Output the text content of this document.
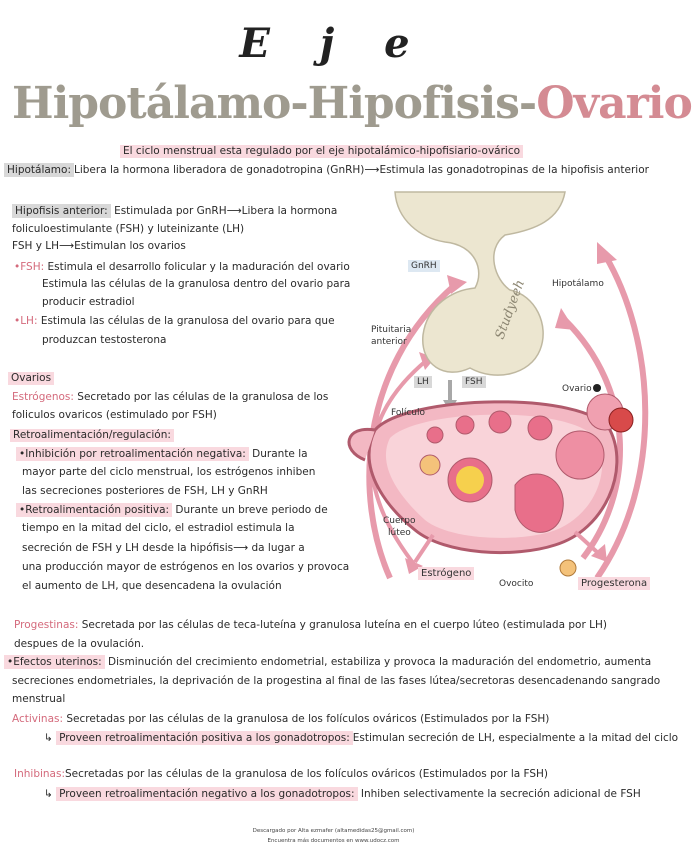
E j e
Hipotálamo-Hipofisis-Ovario
El ciclo menstrual esta regulado por el eje hipotalámico-hipofisiario-ovárico
Hipotálamo: Libera la hormona liberadora de gonadotropina (GnRH)⟶Estimula las gonadotropinas de la hipofisis anterior
Hipofisis anterior: Estimulada por GnRH⟶Libera la hormona
foliculoestimulante (FSH) y luteinizante (LH)
FSH y LH⟶Estimulan los ovarios
•FSH: Estimula el desarrollo folicular y la maduración del ovario
Estimula las células de la granulosa dentro del ovario para
producir estradiol
•LH: Estimula las células de la granulosa del ovario para que
produzcan testosterona
Ovarios
Estrógenos: Secretado por las células de la granulosa de los
foliculos ovaricos (estimulado por FSH)
Retroalimentación/regulación:
•Inhibición por retroalimentación negativa: Durante la
mayor parte del ciclo menstrual, los estrógenos inhiben
las secreciones posteriores de FSH, LH y GnRH
•Retroalimentación positiva: Durante un breve periodo de
tiempo en la mitad del ciclo, el estradiol estimula la
secreción de FSH y LH desde la hipófisis⟶ da lugar a
una producción mayor de estrógenos en los ovarios y provoca
el aumento de LH, que desencadena la ovulación
Studyeeh
GnRH
Hipotálamo
Pituitaria
anterior
LH	FSH
Ovario
Folículo
Cuerpo
lúteo
Estrógeno
Ovocito	Progesterona
Progestinas: Secretada por las células de teca-luteína y granulosa luteína en el cuerpo lúteo (estimulada por LH)
despues de la ovulación.
•Efectos uterinos: Disminución del crecimiento endometrial, estabiliza y provoca la maduración del endometrio, aumenta
secreciones endometriales, la deprivación de la progestina al final de las fases lútea/secretoras desencadenando sangrado
menstrual
Activinas: Secretadas por las células de la granulosa de los folículos ováricos (Estimulados por la FSH)
↳ Proveen retroalimentación positiva a los gonadotropos: Estimulan secreción de LH, especialmente a la mitad del ciclo
Inhibinas:Secretadas por las células de la granulosa de los folículos ováricos (Estimulados por la FSH)
↳ Proveen retroalimentación negativo a los gonadotropos: Inhiben selectivamente la secreción adicional de FSH
Descargado por Alta ezmafer (altamedidas25@gmail.com)
Encuentra más documentos en www.udocz.com
